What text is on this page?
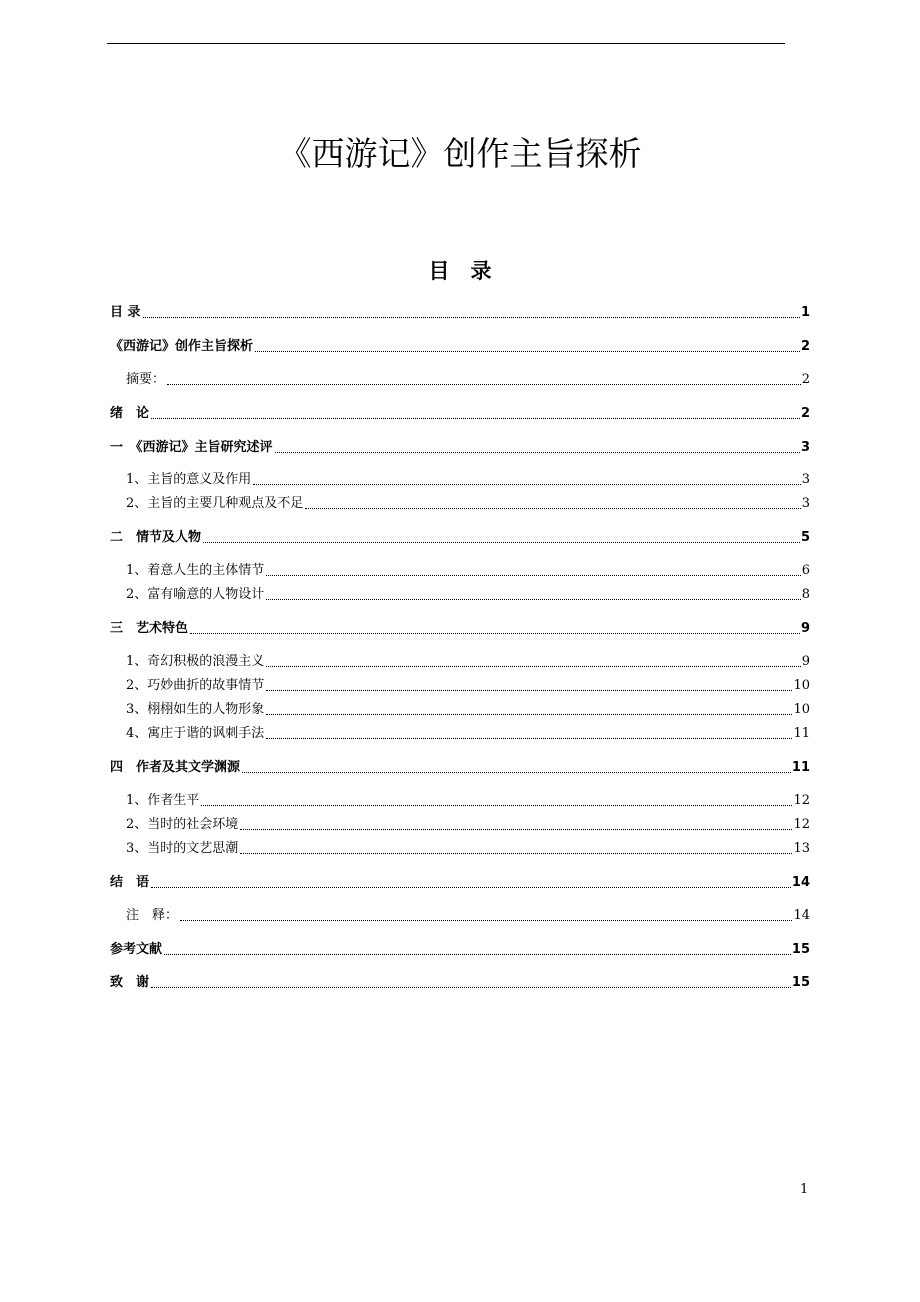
《西游记》创作主旨探析
目　录
目 录	1
《西游记》创作主旨探析	2
摘要：	2
绪　论	2
一　《西游记》主旨研究述评	3
1、主旨的意义及作用	3
2、主旨的主要几种观点及不足	3
二　情节及人物	5
1、着意人生的主体情节	6
2、富有喻意的人物设计	8
三　艺术特色	9
1、奇幻积极的浪漫主义	9
2、巧妙曲折的故事情节	10
3、栩栩如生的人物形象	10
4、寓庄于谐的讽刺手法	11
四　作者及其文学渊源	11
1、作者生平	12
2、当时的社会环境	12
3、当时的文艺思潮	13
结　语	14
注　释：	14
参考文献	15
致　谢	15
1
